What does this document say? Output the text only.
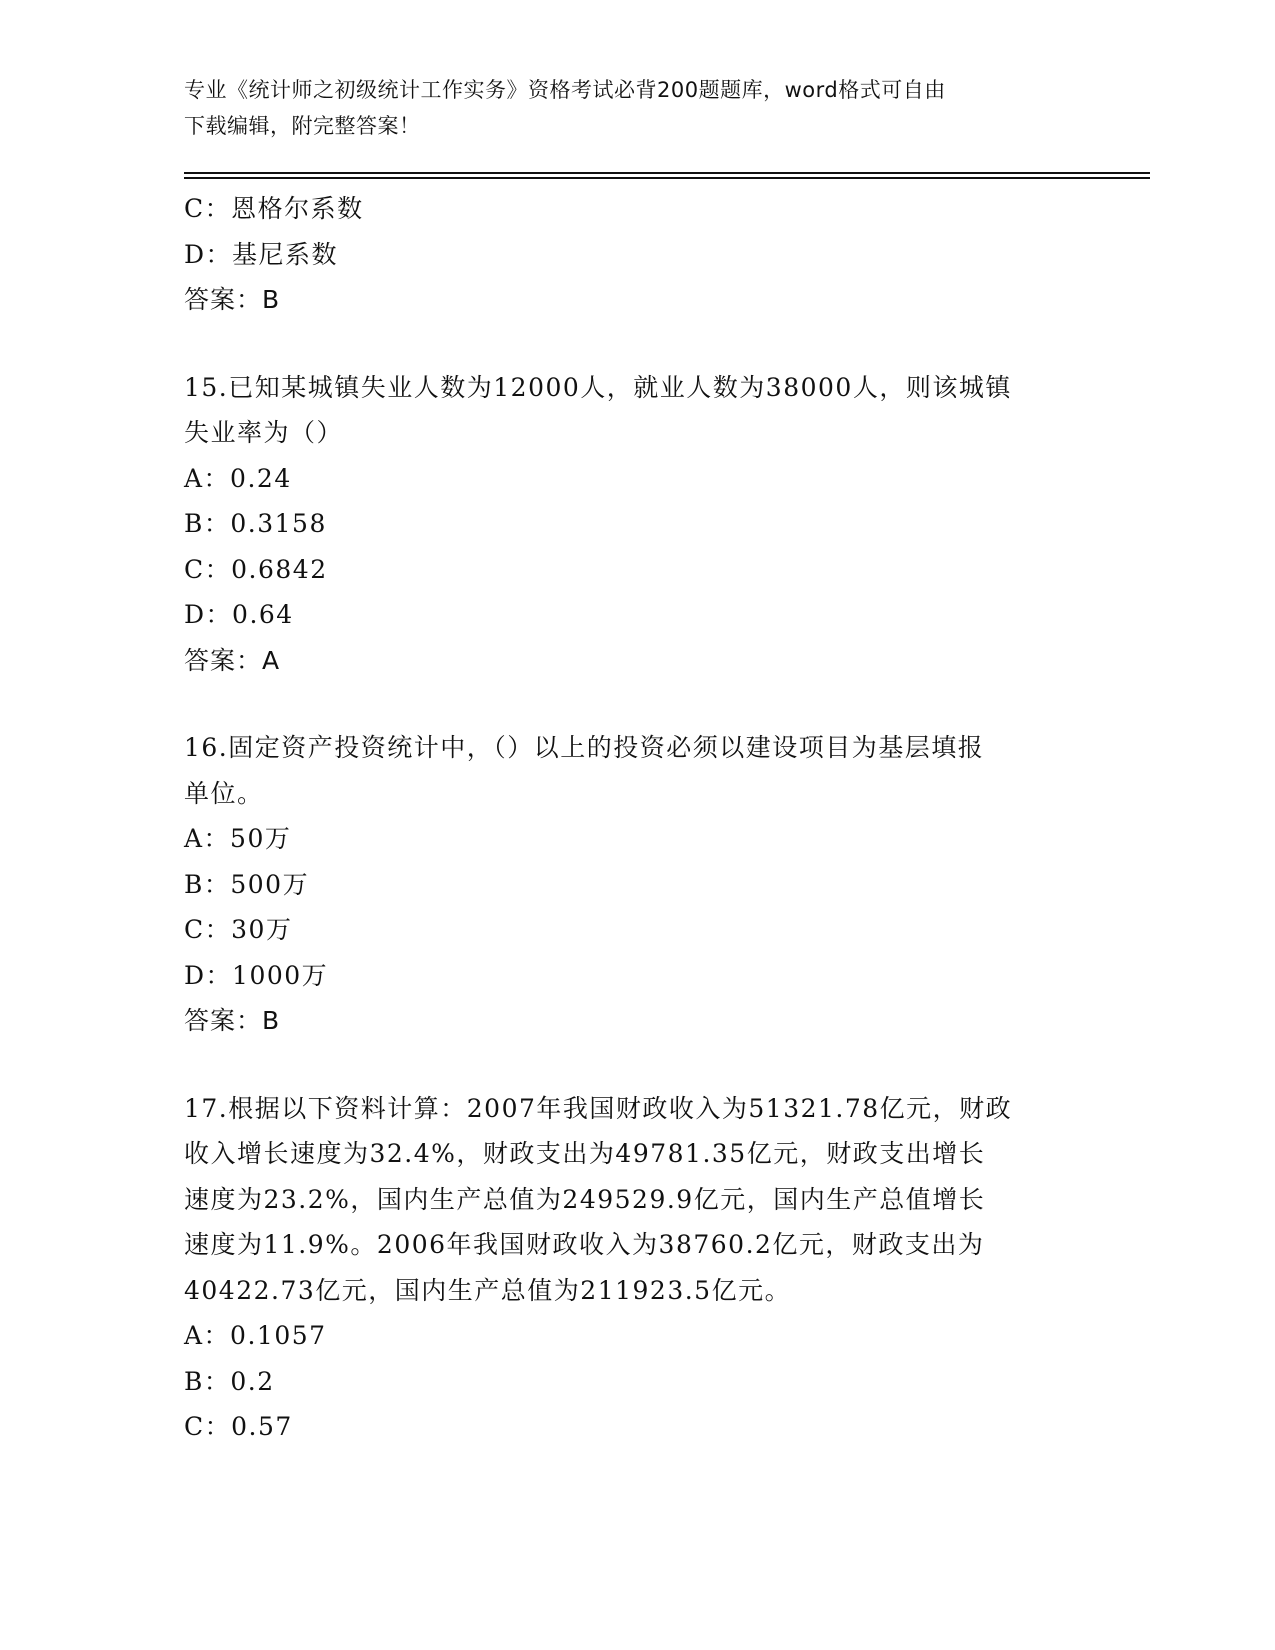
专业《统计师之初级统计工作实务》资格考试必背200题题库，word格式可自由
下载编辑，附完整答案！
C：恩格尔系数
D：基尼系数
答案：B
15.已知某城镇失业人数为12000人，就业人数为38000人，则该城镇
失业率为（）
A：0.24
B：0.3158
C：0.6842
D：0.64
答案：A
16.固定资产投资统计中，（）以上的投资必须以建设项目为基层填报
单位。
A：50万
B：500万
C：30万
D：1000万
答案：B
17.根据以下资料计算：2007年我国财政收入为51321.78亿元，财政
收入增长速度为32.4%，财政支出为49781.35亿元，财政支出增长
速度为23.2%，国内生产总值为249529.9亿元，国内生产总值增长
速度为11.9%。2006年我国财政收入为38760.2亿元，财政支出为
40422.73亿元，国内生产总值为211923.5亿元。
A：0.1057
B：0.2
C：0.57
